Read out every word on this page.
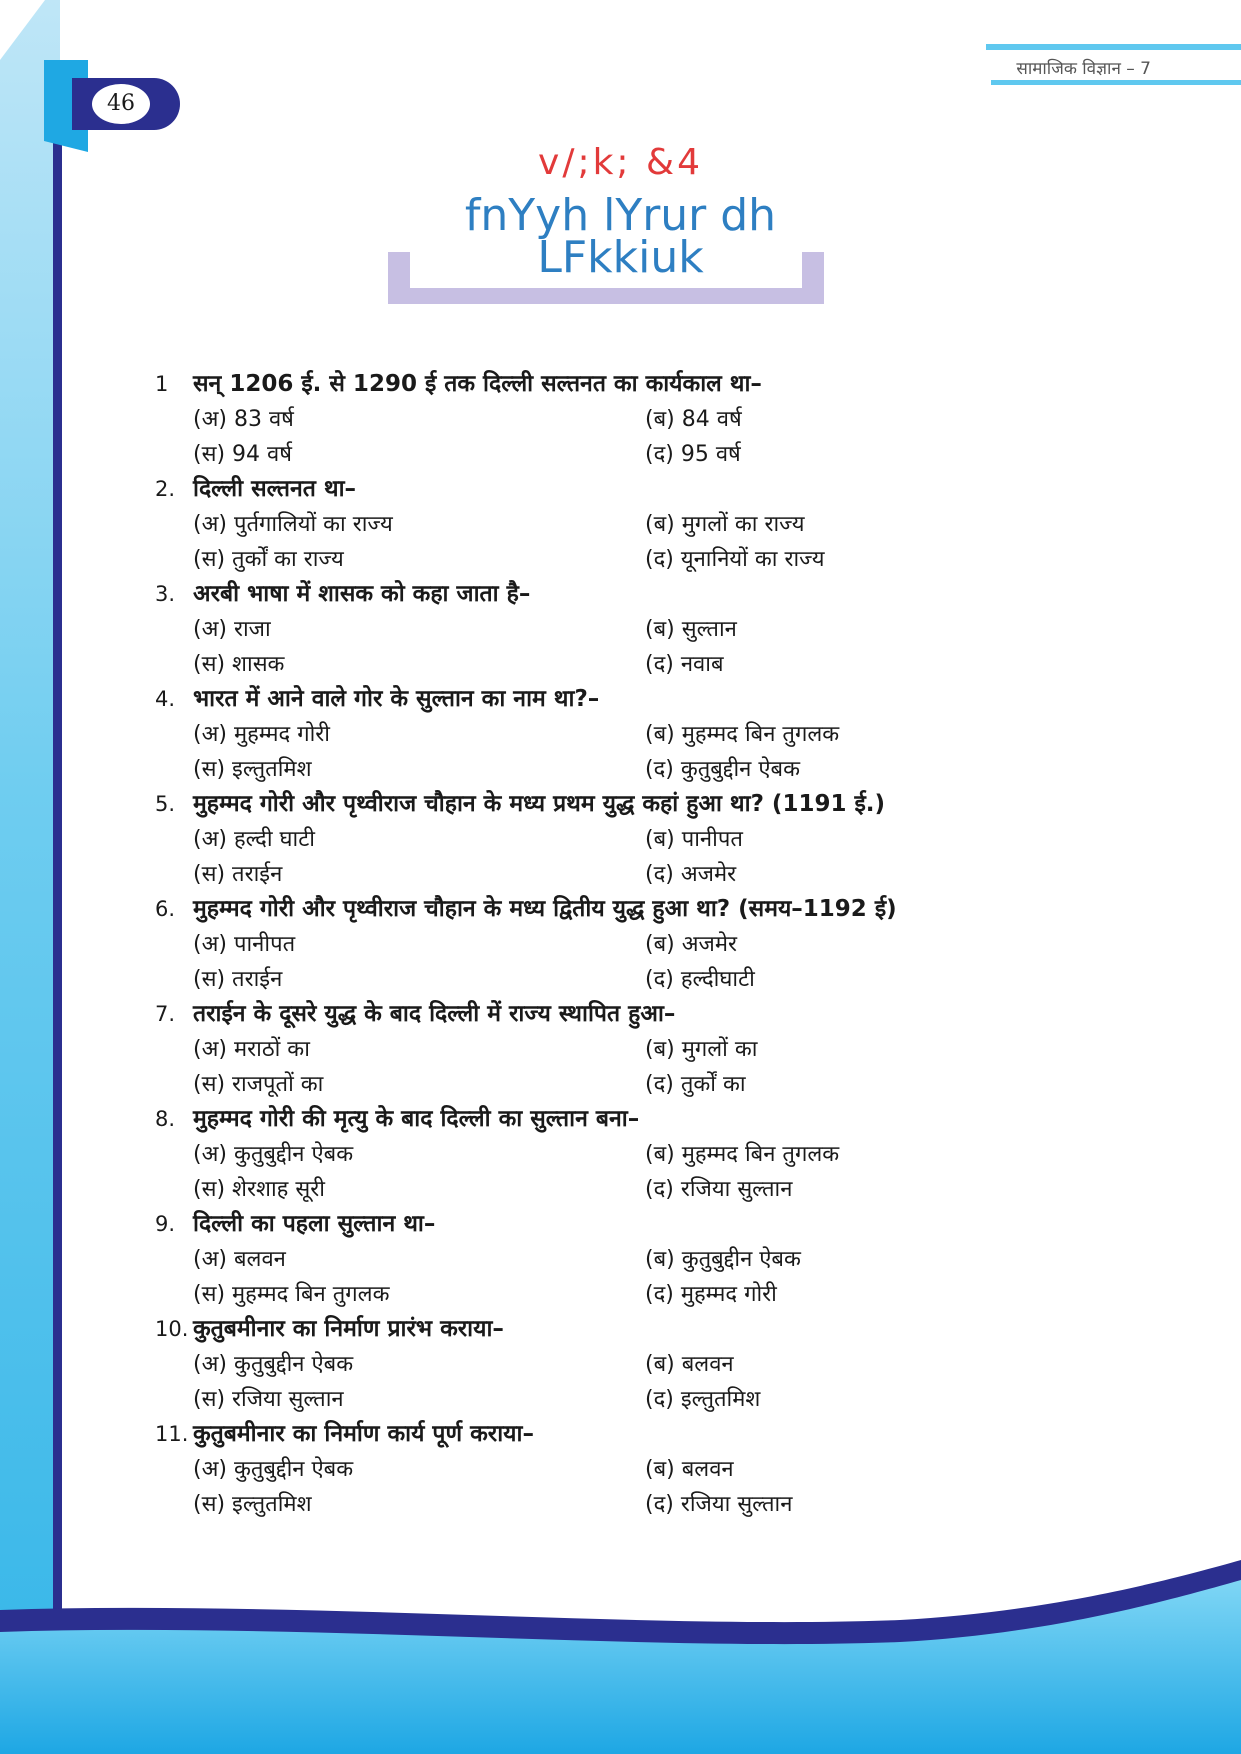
46
सामाजिक विज्ञान – 7
v/;k; &4
fnYyh lYrur dh
LFkkiuk
1	सन् 1206 ई. से 1290 ई तक दिल्ली सल्तनत का कार्यकाल था–
(अ) 83 वर्ष	(ब) 84 वर्ष
(स) 94 वर्ष	(द) 95 वर्ष
2. दिल्ली सल्तनत था–
(अ) पुर्तगालियों का राज्य	(ब) मुगलों का राज्य
(स) तुर्कों का राज्य	(द) यूनानियों का राज्य
3. अरबी भाषा में शासक को कहा जाता है–
(अ) राजा	(ब) सुल्तान
(स) शासक	(द) नवाब
4. भारत में आने वाले गोर के सुल्तान का नाम था?–
(अ) मुहम्मद गोरी	(ब) मुहम्मद बिन तुगलक
(स) इल्तुतमिश	(द) कुतुबुद्दीन ऐबक
5. मुहम्मद गोरी और पृथ्वीराज चौहान के मध्य प्रथम युद्ध कहां हुआ था? (1191 ई.)
(अ) हल्दी घाटी	(ब) पानीपत
(स) तराईन	(द) अजमेर
6. मुहम्मद गोरी और पृथ्वीराज चौहान के मध्य द्वितीय युद्ध हुआ था? (समय–1192 ई)
(अ) पानीपत	(ब) अजमेर
(स) तराईन	(द) हल्दीघाटी
7. तराईन के दूसरे युद्ध के बाद दिल्ली में राज्य स्थापित हुआ–
(अ) मराठों का	(ब) मुगलों का
(स) राजपूतों का	(द) तुर्कों का
8. मुहम्मद गोरी की मृत्यु के बाद दिल्ली का सुल्तान बना–
(अ) कुतुबुद्दीन ऐबक	(ब) मुहम्मद बिन तुगलक
(स) शेरशाह सूरी	(द) रजिया सुल्तान
9. दिल्ली का पहला सुल्तान था–
(अ) बलवन	(ब) कुतुबुद्दीन ऐबक
(स) मुहम्मद बिन तुगलक	(द) मुहम्मद गोरी
10. कुतुबमीनार का निर्माण प्रारंभ कराया–
(अ) कुतुबुद्दीन ऐबक	(ब) बलवन
(स) रजिया सुल्तान	(द) इल्तुतमिश
11. कुतुबमीनार का निर्माण कार्य पूर्ण कराया–
(अ) कुतुबुद्दीन ऐबक	(ब) बलवन
(स) इल्तुतमिश	(द) रजिया सुल्तान
